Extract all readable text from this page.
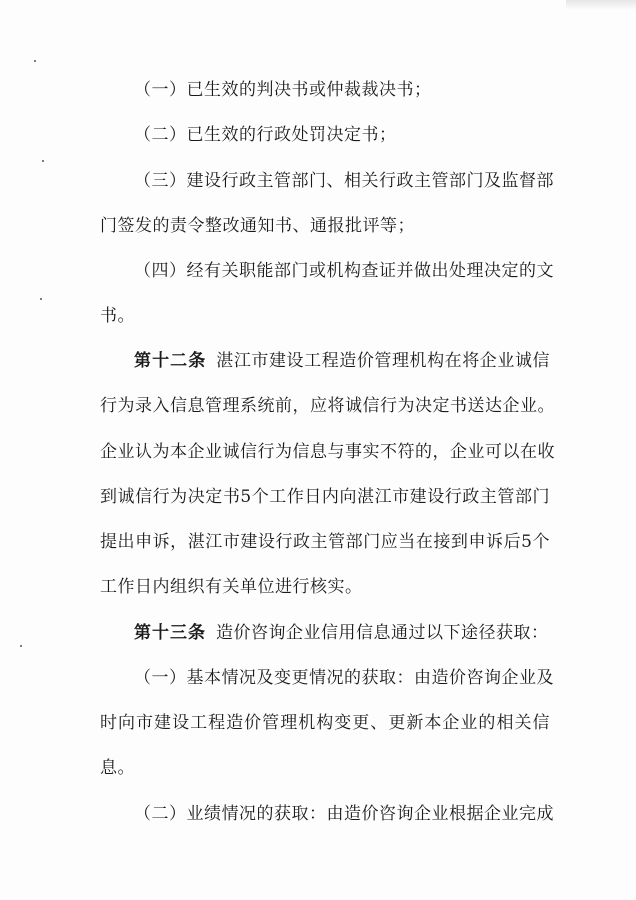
（一）已生效的判决书或仲裁裁决书；
（二）已生效的行政处罚决定书；
（三）建设行政主管部门、相关行政主管部门及监督部
门签发的责令整改通知书、通报批评等；
（四）经有关职能部门或机构查证并做出处理决定的文
书。
第十二条 湛江市建设工程造价管理机构在将企业诚信
行为录入信息管理系统前，应将诚信行为决定书送达企业。
企业认为本企业诚信行为信息与事实不符的，企业可以在收
到诚信行为决定书5个工作日内向湛江市建设行政主管部门
提出申诉，湛江市建设行政主管部门应当在接到申诉后5个
工作日内组织有关单位进行核实。
第十三条 造价咨询企业信用信息通过以下途径获取：
（一）基本情况及变更情况的获取：由造价咨询企业及
时向市建设工程造价管理机构变更、更新本企业的相关信
息。
（二）业绩情况的获取：由造价咨询企业根据企业完成
